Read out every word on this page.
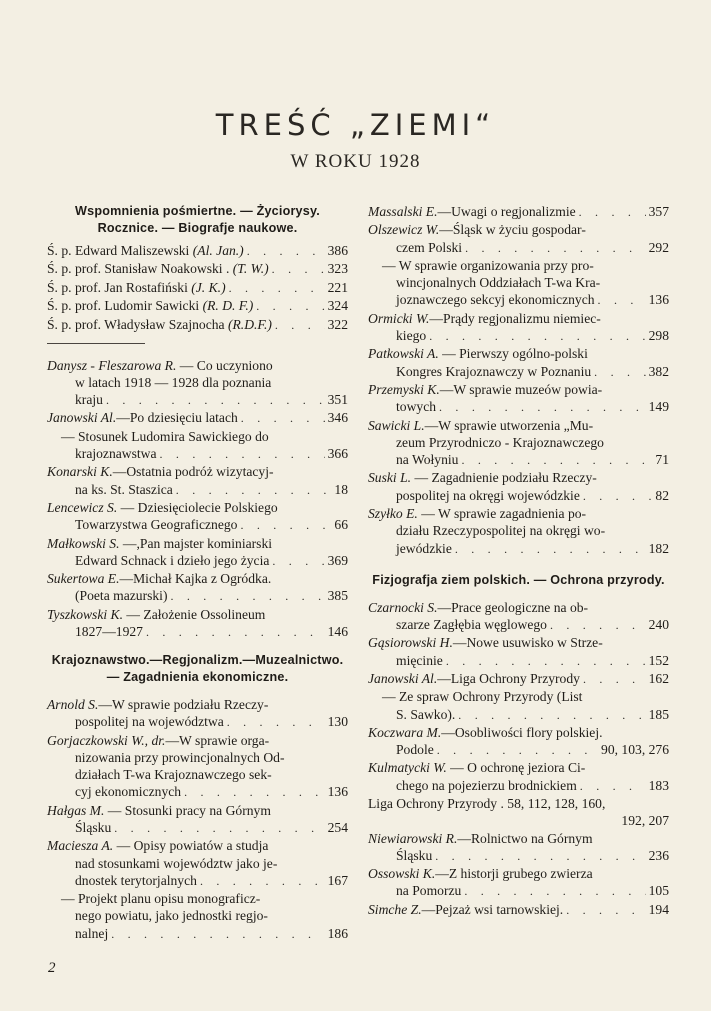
TREŚĆ „ZIEMI“
W ROKU 1928
Wspomnienia pośmiertne. — Życiorysy. Rocznice. — Biografje naukowe.
Ś. p. Edward Maliszewski (Al. Jan.) . . .	386
Ś. p. prof. Stanisław Noakowski . (T. W.) . . .	323
Ś. p. prof. Jan Rostafiński (J. K.) . . .	221
Ś. p. prof. Ludomir Sawicki (R. D. F.) . . .	324
Ś. p. prof. Władysław Szajnocha (R.D.F.) . . .	322
Danysz - Fleszarowa R. — Co uczyniono
w latach 1918 — 1928 dla poznania
kraju . . .	351
Janowski Al.—Po dziesięciu latach . . .	346
— Stosunek Ludomira Sawickiego do
krajoznawstwa . . .	366
Konarski K.—Ostatnia podróż wizytacyj-
na ks. St. Staszica . . .	18
Lencewicz S. — Dziesięciolecie Polskiego
Towarzystwa Geograficznego . . .	66
Małkowski S. —,Pan majster kominiarski
Edward Schnack i dzieło jego życia . . .	369
Sukertowa E.—Michał Kajka z Ogródka.
(Poeta mazurski) . . .	385
Tyszkowski K. — Założenie Ossolineum
1827—1927 . . .	146
Krajoznawstwo.—Regjonalizm.—Muzealnictwo. — Zagadnienia ekonomiczne.
Arnold S.—W sprawie podziału Rzeczy-
pospolitej na województwa . . .	130
Gorjaczkowski W., dr.—W sprawie orga-
nizowania przy prowincjonalnych Od-
działach T-wa Krajoznawczego sek-
cyj ekonomicznych . . .	136
Hałgas M. — Stosunki pracy na Górnym
Śląsku . . .	254
Maciesza A. — Opisy powiatów a studja
nad stosunkami województw jako je-
dnostek terytorjalnych . . .	167
— Projekt planu opisu monograficz-
nego powiatu, jako jednostki regjo-
nalnej . . .	186
Massalski E.—Uwagi o regjonalizmie . . .	357
Olszewicz W.—Śląsk w życiu gospodar-
czem Polski . . .	292
— W sprawie organizowania przy pro-
wincjonalnych Oddziałach T-wa Kra-
joznawczego sekcyj ekonomicznych . . .	136
Ormicki W.—Prądy regjonalizmu niemiec-
kiego . . .	298
Patkowski A. — Pierwszy ogólno-polski
Kongres Krajoznawczy w Poznaniu . . .	382
Przemyski K.—W sprawie muzeów powia-
towych . . .	149
Sawicki L.—W sprawie utworzenia „Mu-
zeum Przyrodniczo - Krajoznawczego
na Wołyniu . . .	71
Suski L. — Zagadnienie podziału Rzeczy-
pospolitej na okręgi wojewódzkie . . .	82
Szyłko E. — W sprawie zagadnienia po-
działu Rzeczypospolitej na okręgi wo-
jewódzkie . . .	182
Fizjografja ziem polskich. — Ochrona przyrody.
Czarnocki S.—Prace geologiczne na ob-
szarze Zagłębia węglowego . . .	240
Gąsiorowski H.—Nowe usuwisko w Strze-
mięcinie . . .	152
Janowski Al.—Liga Ochrony Przyrody . . .	162
— Ze spraw Ochrony Przyrody (List
S. Sawko). . . .	185
Koczwara M.—Osobliwości flory polskiej.
Podole . . .	90, 103, 276
Kulmatycki W. — O ochronę jeziora Ci-
chego na pojezierzu brodnickiem . . .	183
Liga Ochrony Przyrody . 58, 112, 128, 160,
192, 207
Niewiarowski R.—Rolnictwo na Górnym
Śląsku . . .	236
Ossowski K.—Z historji grubego zwierza
na Pomorzu . . .	105
Simche Z.—Pejzaż wsi tarnowskiej. . . .	194
2
